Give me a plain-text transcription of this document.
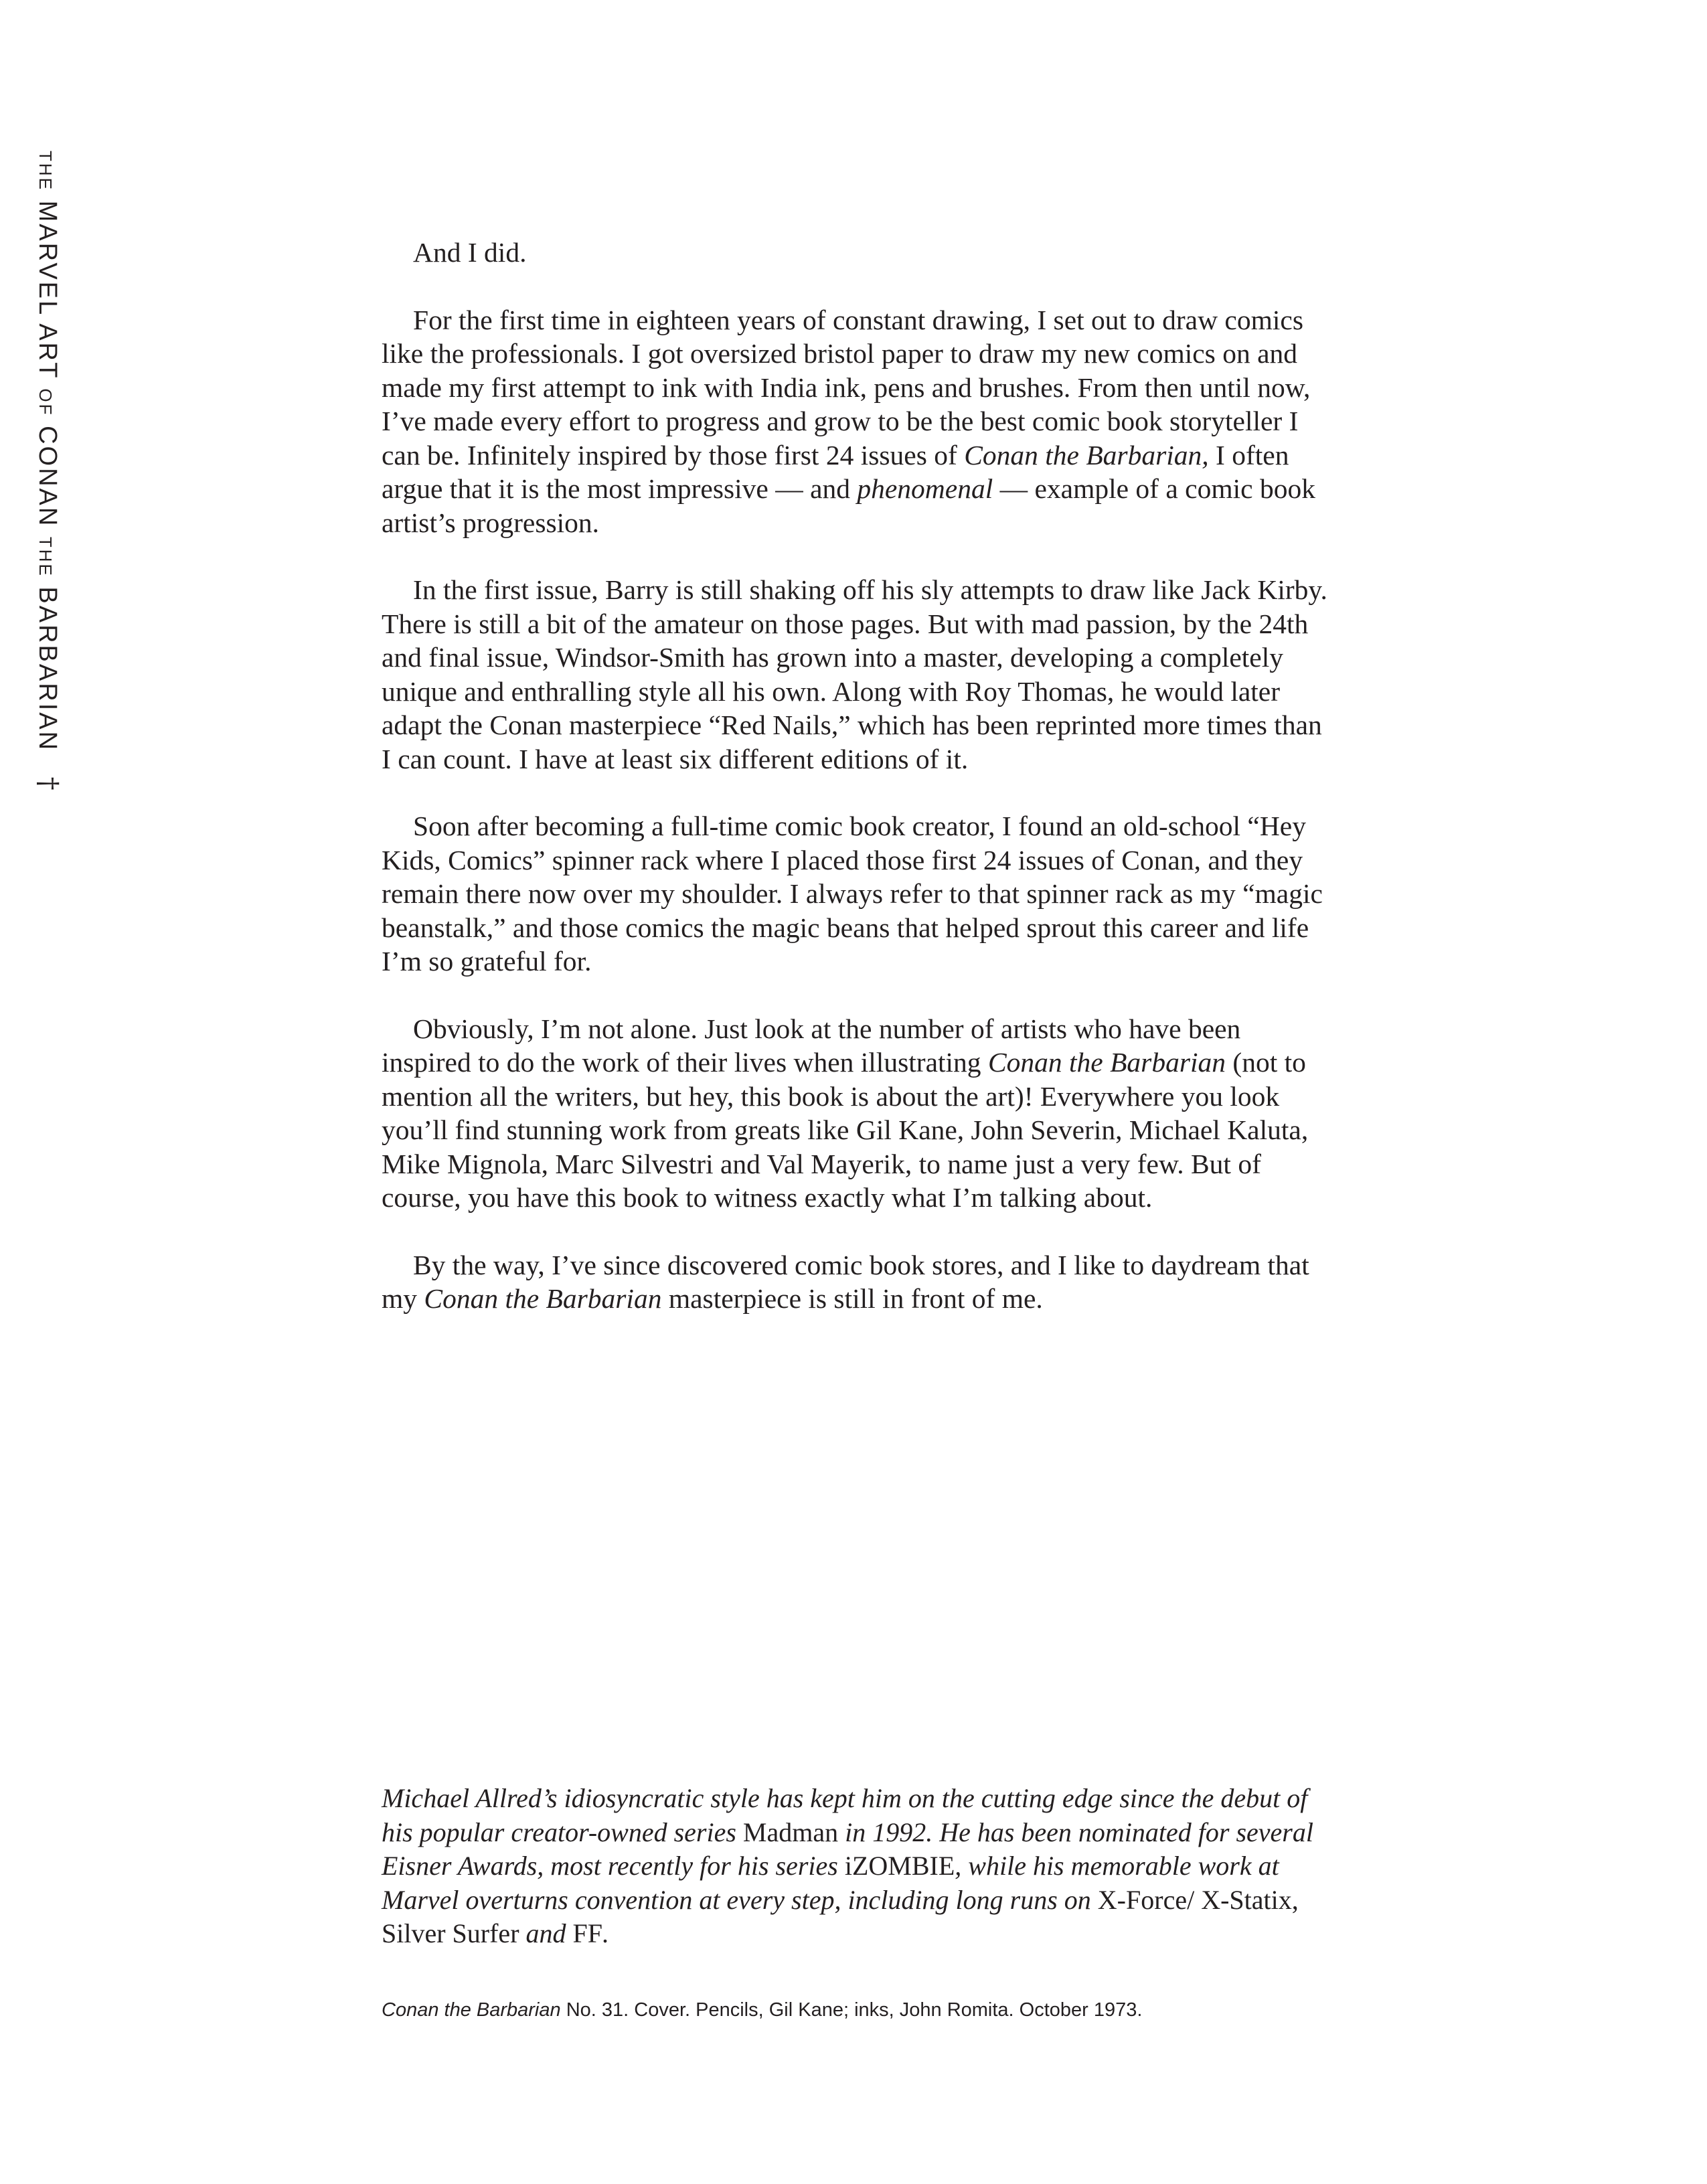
THE MARVEL ART OF CONAN THE BARBARIAN †

And I did.

For the first time in eighteen years of constant drawing, I set out to draw comics like the professionals. I got oversized bristol paper to draw my new comics on and made my first attempt to ink with India ink, pens and brushes. From then until now, I’ve made every effort to progress and grow to be the best comic book storyteller I can be. Infinitely inspired by those first 24 issues of Conan the Barbarian, I often argue that it is the most impressive — and phenomenal — example of a comic book artist’s progression.

In the first issue, Barry is still shaking off his sly attempts to draw like Jack Kirby. There is still a bit of the amateur on those pages. But with mad passion, by the 24th and final issue, Windsor-Smith has grown into a master, developing a completely unique and enthralling style all his own. Along with Roy Thomas, he would later adapt the Conan masterpiece “Red Nails,” which has been reprinted more times than I can count. I have at least six different editions of it.

Soon after becoming a full-time comic book creator, I found an old-school “Hey Kids, Comics” spinner rack where I placed those first 24 issues of Conan, and they remain there now over my shoulder. I always refer to that spinner rack as my “magic beanstalk,” and those comics the magic beans that helped sprout this career and life I’m so grateful for.

Obviously, I’m not alone. Just look at the number of artists who have been inspired to do the work of their lives when illustrating Conan the Barbarian (not to mention all the writers, but hey, this book is about the art)! Everywhere you look you’ll find stunning work from greats like Gil Kane, John Severin, Michael Kaluta, Mike Mignola, Marc Silvestri and Val Mayerik, to name just a very few. But of course, you have this book to witness exactly what I’m talking about.

By the way, I’ve since discovered comic book stores, and I like to daydream that my Conan the Barbarian masterpiece is still in front of me.

Michael Allred’s idiosyncratic style has kept him on the cutting edge since the debut of his popular creator-owned series Madman in 1992. He has been nominated for several Eisner Awards, most recently for his series iZOMBIE, while his memorable work at Marvel overturns convention at every step, including long runs on X-Force/ X-Statix, Silver Surfer and FF.
Conan the Barbarian No. 31. Cover. Pencils, Gil Kane; inks, John Romita. October 1973.
